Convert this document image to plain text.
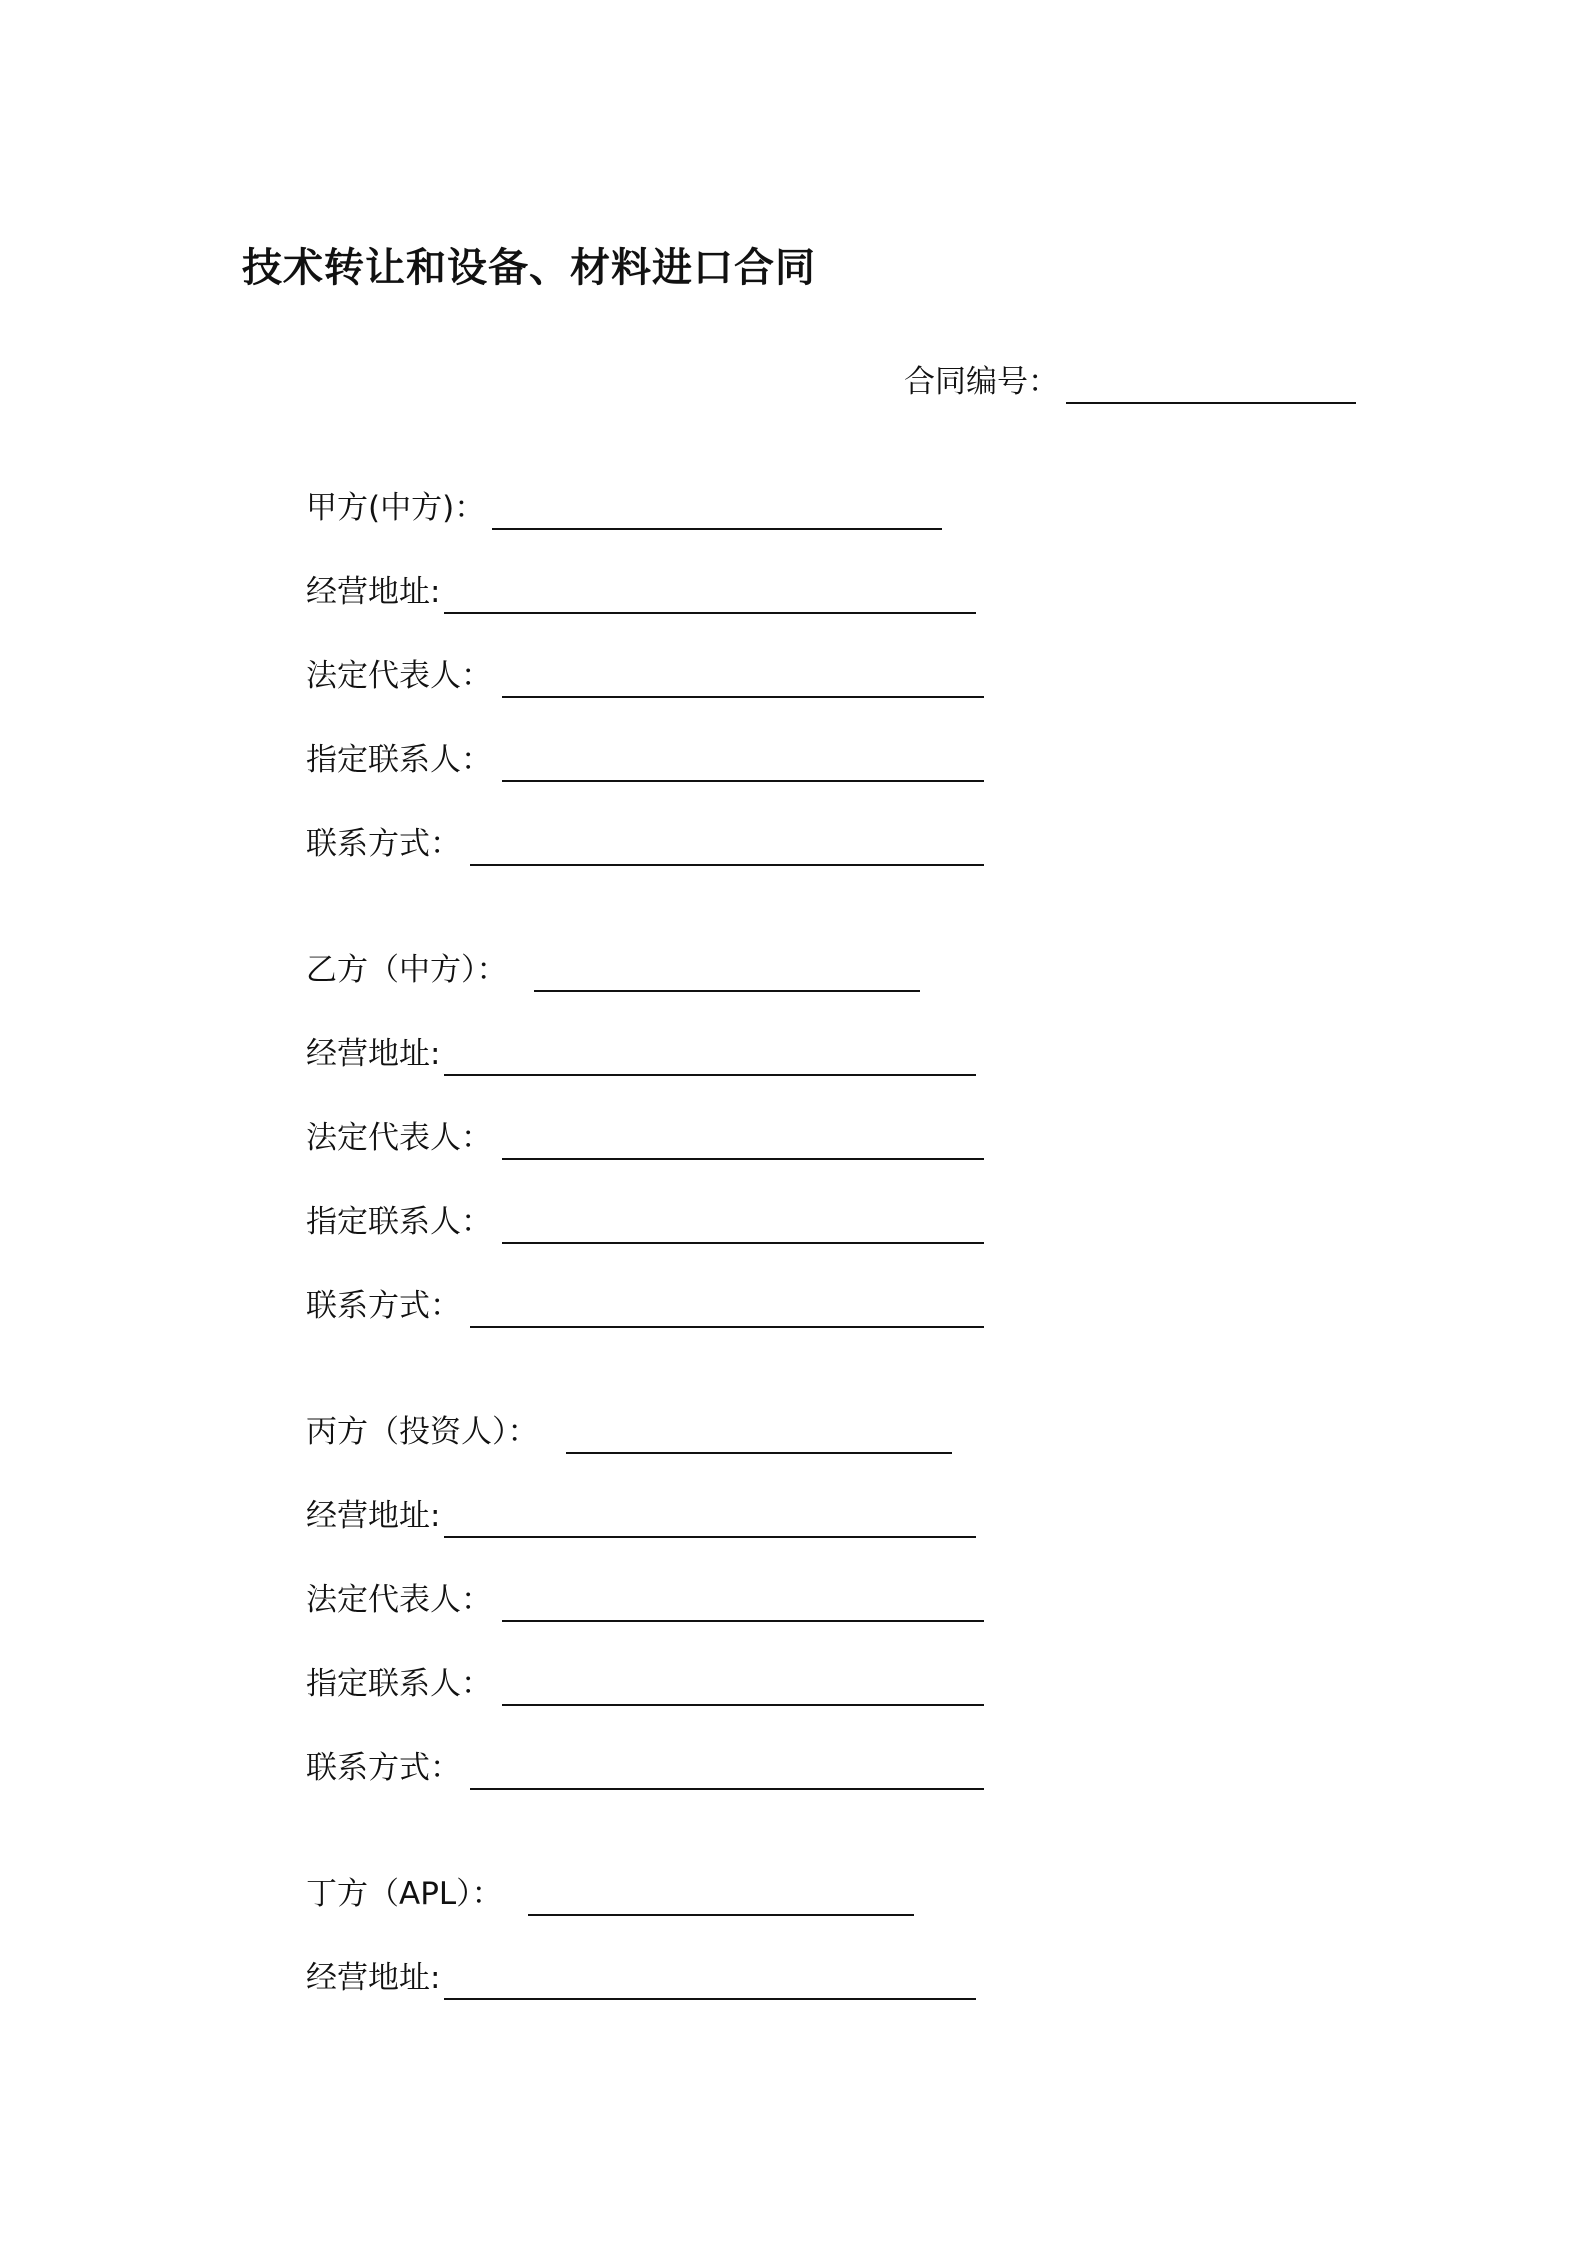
技术转让和设备、材料进口合同
合同编号：
甲方(中方)：
经营地址:
法定代表人：
指定联系人：
联系方式：
乙方（中方）：
经营地址:
法定代表人：
指定联系人：
联系方式：
丙方（投资人）：
经营地址:
法定代表人：
指定联系人：
联系方式：
丁方（APL）：
经营地址:
